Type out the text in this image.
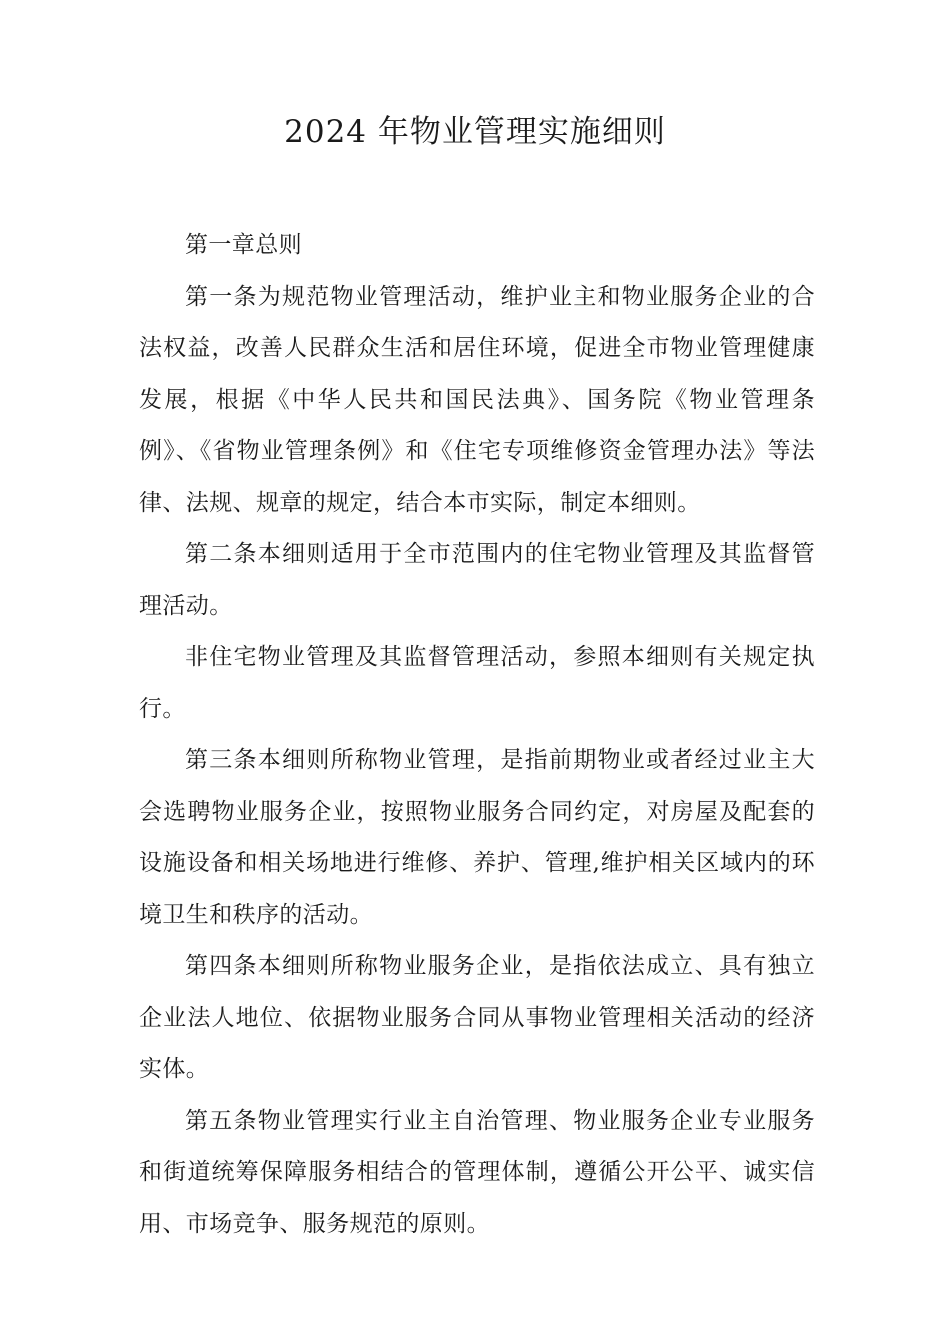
2024 年物业管理实施细则

第一章总则

第一条为规范物业管理活动，维护业主和物业服务企业的合法权益，改善人民群众生活和居住环境，促进全市物业管理健康发展，根据《中华人民共和国民法典》、国务院《物业管理条例》、《省物业管理条例》和《住宅专项维修资金管理办法》等法律、法规、规章的规定，结合本市实际，制定本细则。

第二条本细则适用于全市范围内的住宅物业管理及其监督管理活动。

非住宅物业管理及其监督管理活动，参照本细则有关规定执行。

第三条本细则所称物业管理，是指前期物业或者经过业主大会选聘物业服务企业，按照物业服务合同约定，对房屋及配套的设施设备和相关场地进行维修、养护、管理,维护相关区域内的环境卫生和秩序的活动。

第四条本细则所称物业服务企业，是指依法成立、具有独立企业法人地位、依据物业服务合同从事物业管理相关活动的经济实体。

第五条物业管理实行业主自治管理、物业服务企业专业服务和街道统筹保障服务相结合的管理体制，遵循公开公平、诚实信用、市场竞争、服务规范的原则。
